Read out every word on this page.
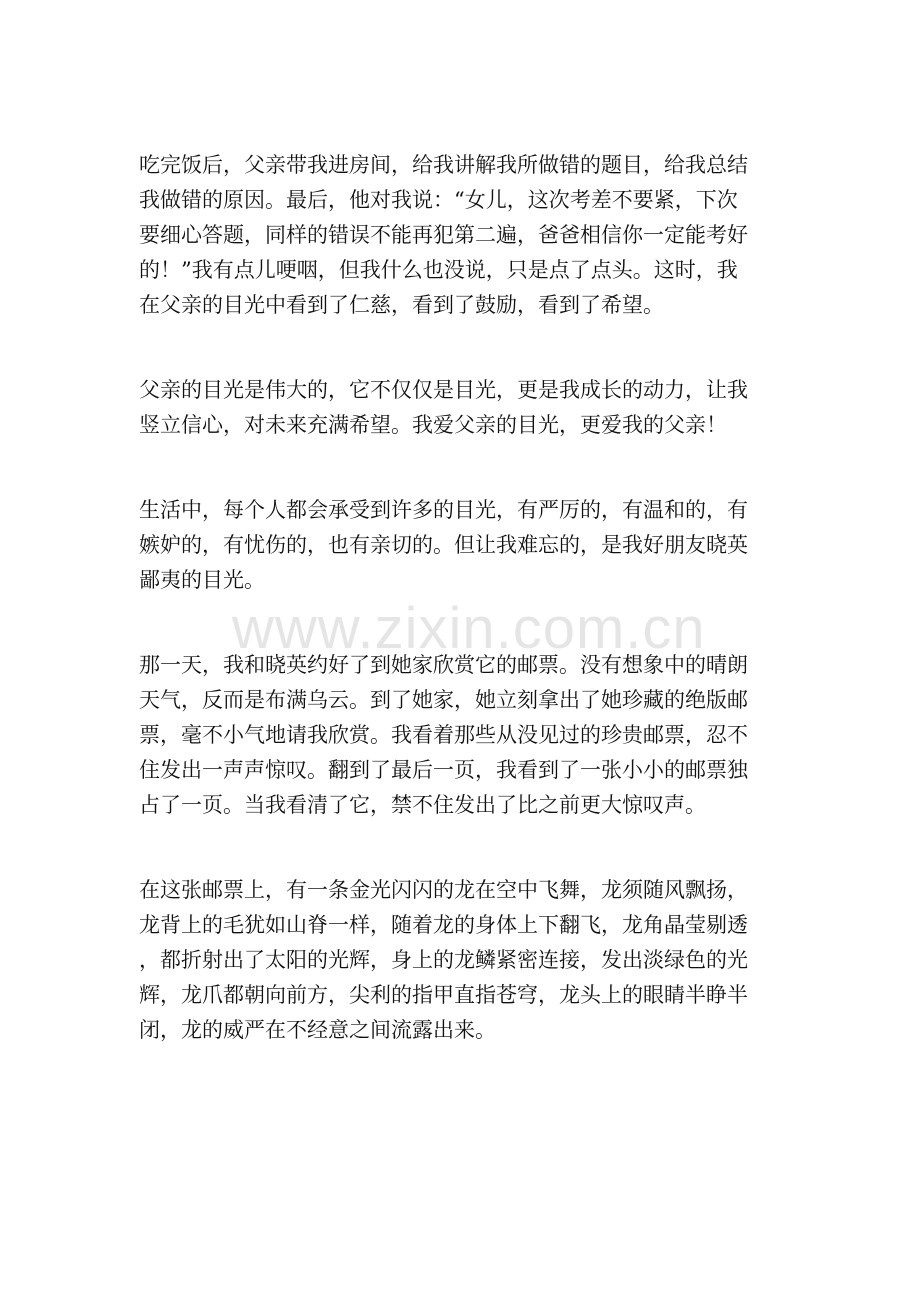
吃完饭后，父亲带我进房间，给我讲解我所做错的题目，给我总结
我做错的原因。最后，他对我说：“女儿，这次考差不要紧，下次
要细心答题，同样的错误不能再犯第二遍，爸爸相信你一定能考好
的！”我有点儿哽咽，但我什么也没说，只是点了点头。这时，我
在父亲的目光中看到了仁慈，看到了鼓励，看到了希望。

父亲的目光是伟大的，它不仅仅是目光，更是我成长的动力，让我
竖立信心，对未来充满希望。我爱父亲的目光，更爱我的父亲！

生活中，每个人都会承受到许多的目光，有严厉的，有温和的，有
嫉妒的，有忧伤的，也有亲切的。但让我难忘的，是我好朋友晓英
鄙夷的目光。

那一天，我和晓英约好了到她家欣赏它的邮票。没有想象中的晴朗
天气，反而是布满乌云。到了她家，她立刻拿出了她珍藏的绝版邮
票，毫不小气地请我欣赏。我看着那些从没见过的珍贵邮票，忍不
住发出一声声惊叹。翻到了最后一页，我看到了一张小小的邮票独
占了一页。当我看清了它，禁不住发出了比之前更大惊叹声。

在这张邮票上，有一条金光闪闪的龙在空中飞舞，龙须随风飘扬，
龙背上的毛犹如山脊一样，随着龙的身体上下翻飞，龙角晶莹剔透
，都折射出了太阳的光辉，身上的龙鳞紧密连接，发出淡绿色的光
辉，龙爪都朝向前方，尖利的指甲直指苍穹，龙头上的眼睛半睁半
闭，龙的威严在不经意之间流露出来。

www.zixin.com.cn
